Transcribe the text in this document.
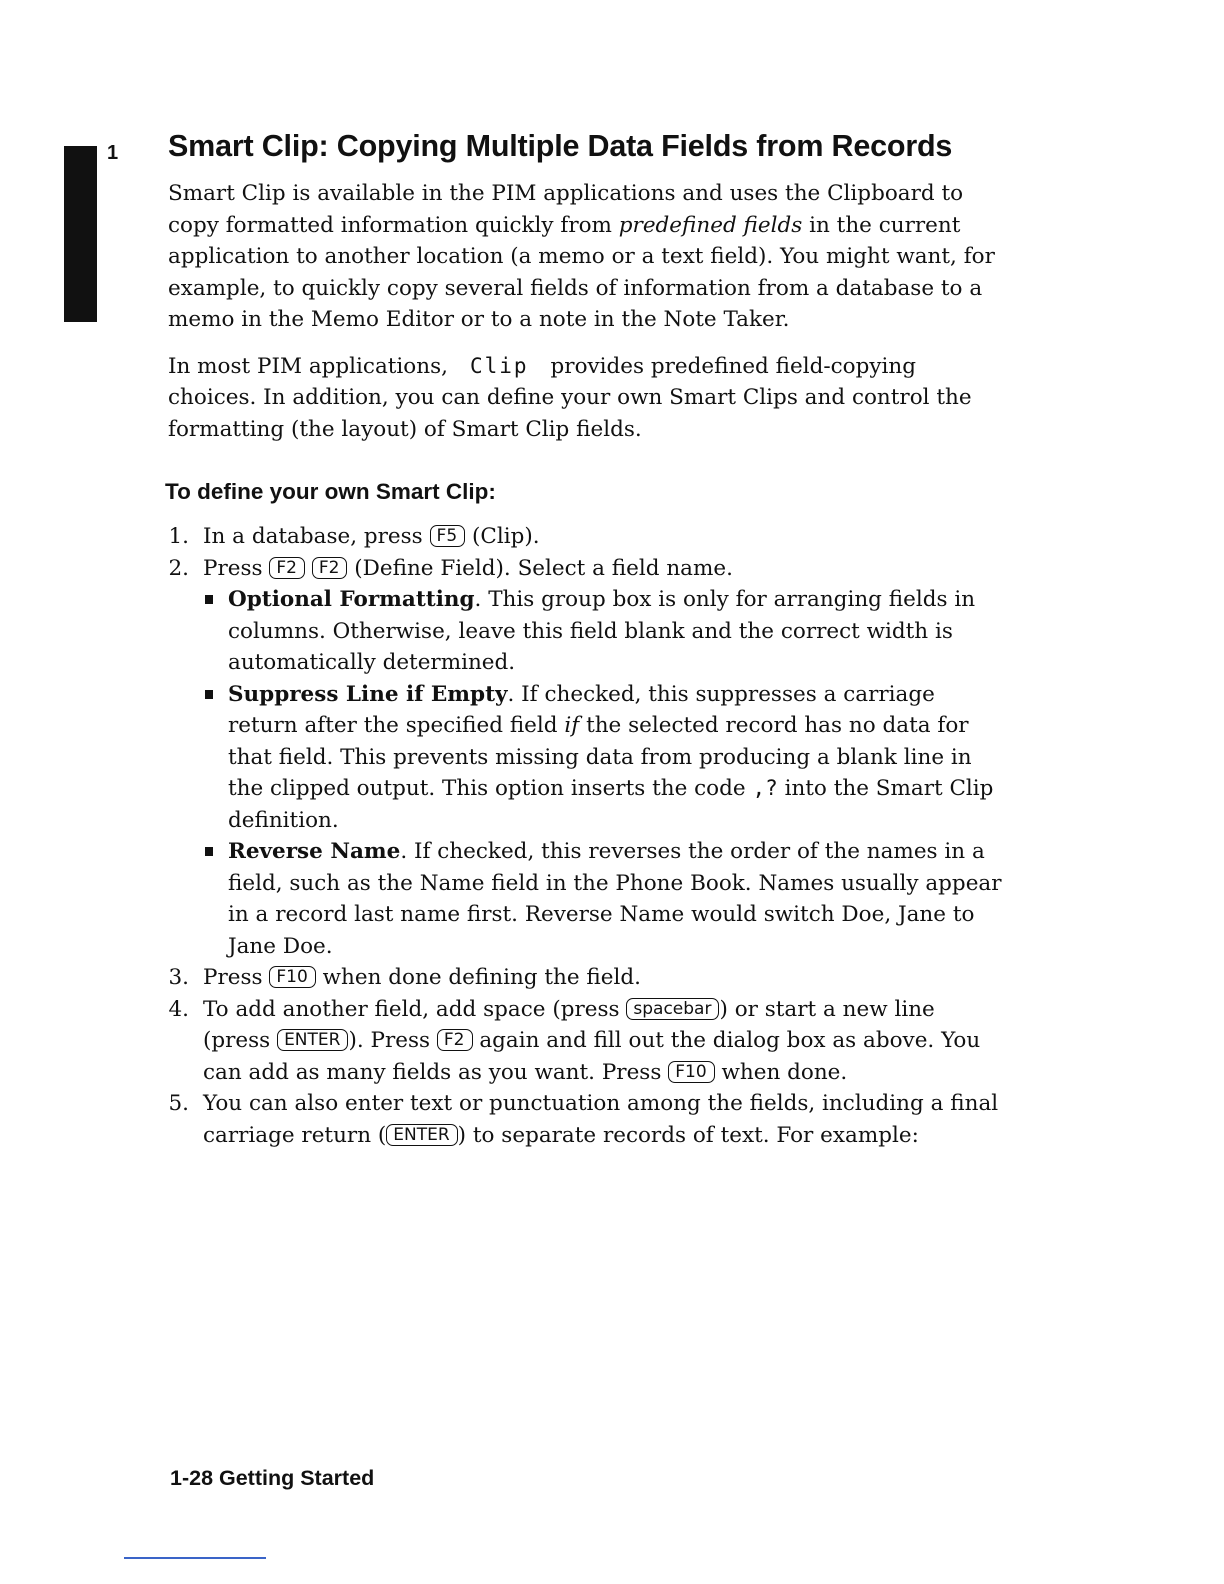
1 Smart Clip: Copying Multiple Data Fields from Records

Smart Clip is available in the PIM applications and uses the Clipboard to copy formatted information quickly from predefined fields in the current application to another location (a memo or a text field). You might want, for example, to quickly copy several fields of information from a database to a memo in the Memo Editor or to a note in the Note Taker.

In most PIM applications, Clip provides predefined field-copying choices. In addition, you can define your own Smart Clips and control the formatting (the layout) of Smart Clip fields.

To define your own Smart Clip:
1. In a database, press F5 (Clip).
2. Press F2 F2 (Define Field). Select a field name.
Optional Formatting. This group box is only for arranging fields in columns. Otherwise, leave this field blank and the correct width is automatically determined.
Suppress Line if Empty. If checked, this suppresses a carriage return after the specified field if the selected record has no data for that field. This prevents missing data from producing a blank line in the clipped output. This option inserts the code ,? into the Smart Clip definition.
Reverse Name. If checked, this reverses the order of the names in a field, such as the Name field in the Phone Book. Names usually appear in a record last name first. Reverse Name would switch Doe, Jane to Jane Doe.
3. Press F10 when done defining the field.
4. To add another field, add space (press spacebar ) or start a new line (press ENTER ). Press F2 again and fill out the dialog box as above. You can add as many fields as you want. Press F10 when done.
5. You can also enter text or punctuation among the fields, including a final carriage return ( ENTER ) to separate records of text. For example:
1-28 Getting Started
